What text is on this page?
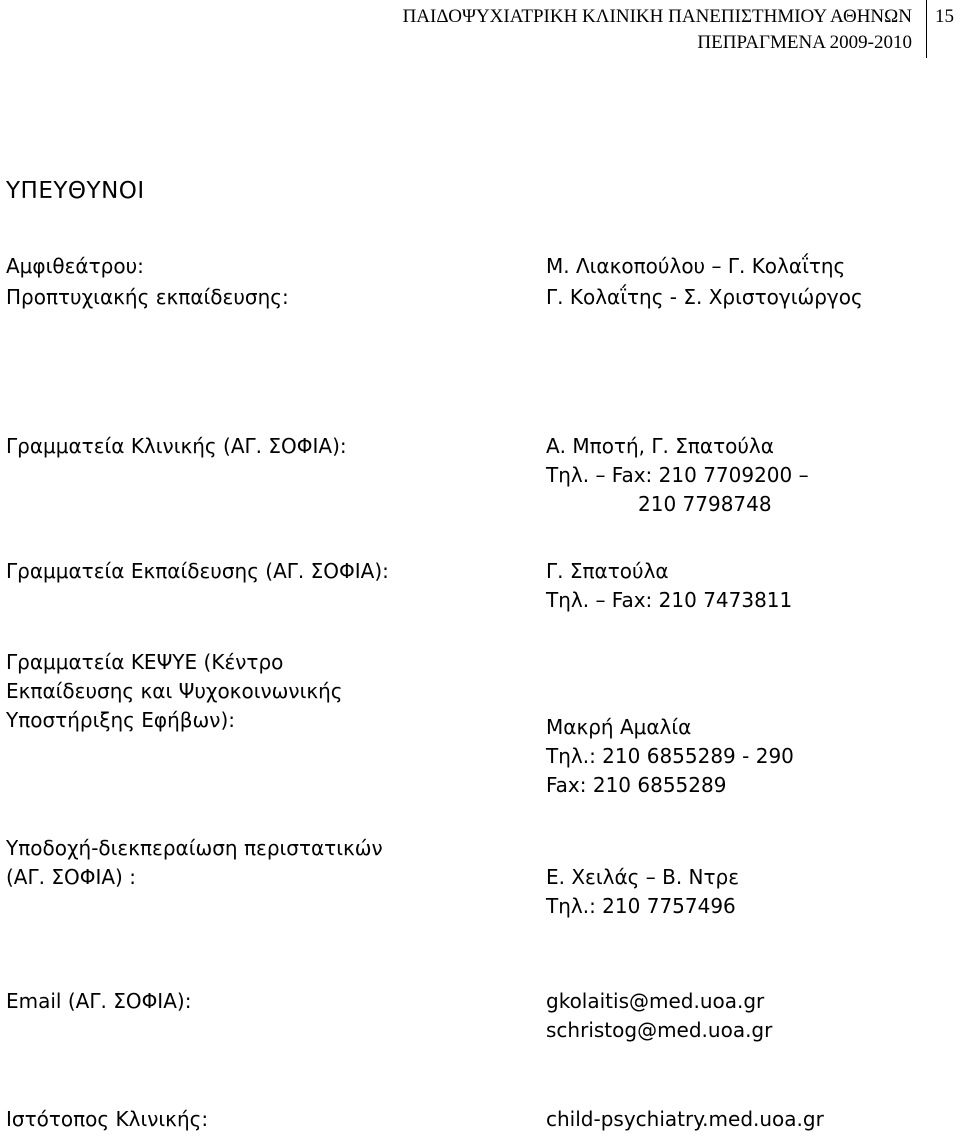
ΠΑΙΔΟΨΥΧΙΑΤΡΙΚΗ ΚΛΙΝΙΚΗ ΠΑΝΕΠΙΣΤΗΜΙΟΥ ΑΘΗΝΩΝ
ΠΕΠΡΑΓΜΕΝΑ 2009-2010
15
ΥΠΕΥΘΥΝΟΙ
Αμφιθεάτρου:	Μ. Λιακοπούλου – Γ. Κολαΐτης
Προπτυχιακής εκπαίδευσης:	Γ. Κολαΐτης - Σ. Χριστογιώργος
Γραμματεία Κλινικής (ΑΓ. ΣΟΦΙΑ):	Α. Μποτή, Γ. Σπατούλα
Τηλ. – Fax: 210 7709200 –
210 7798748
Γραμματεία Εκπαίδευσης (ΑΓ. ΣΟΦΙΑ):	Γ. Σπατούλα
Τηλ. – Fax: 210 7473811
Γραμματεία ΚΕΨΥΕ (Κέντρο
Εκπαίδευσης και Ψυχοκοινωνικής
Υποστήριξης Εφήβων):	Μακρή Αμαλία
Τηλ.: 210 6855289 - 290
Fax: 210 6855289
Υποδοχή-διεκπεραίωση περιστατικών
(ΑΓ. ΣΟΦΙΑ) :	Ε. Χειλάς – Β. Ντρε
Τηλ.: 210 7757496
Email (ΑΓ. ΣΟΦΙΑ):	gkolaitis@med.uoa.gr
schristog@med.uoa.gr
Ιστότοπος Κλινικής:	child-psychiatry.med.uoa.gr
